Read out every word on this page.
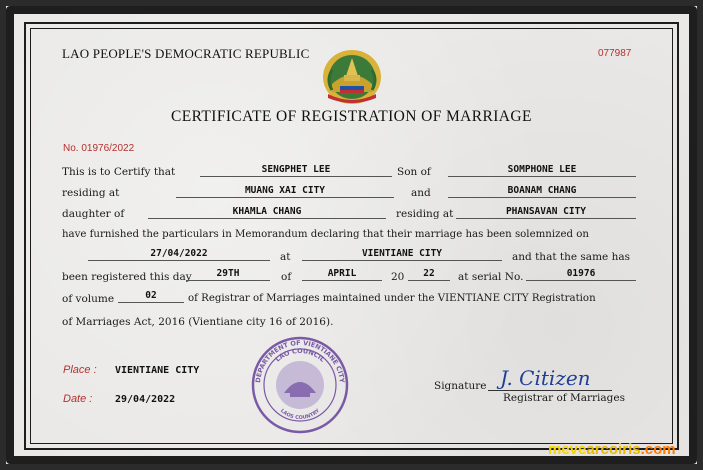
LAO PEOPLE'S DEMOCRATIC REPUBLIC	077987
CERTIFICATE OF REGISTRATION OF MARRIAGE
No. 01976/2022
This is to Certify that	SENGPHET LEE	Son of	SOMPHONE LEE
residing at	MUANG XAI CITY	and	BOANAM CHANG
daughter of	KHAMLA CHANG	residing at	PHANSAVAN CITY
have furnished the particulars in Memorandum declaring that their marriage has been solemnized on
27/04/2022	at	VIENTIANE CITY	and that the same has
been registered this day	29TH	of	APRIL	20	22	at serial No.	01976
of volume	02	of Registrar of Marriages maintained under the VIENTIANE CITY Registration
of Marriages Act, 2016 (Vientiane city 16 of 2016).
Place : VIENTIANE CITY
Date : 29/04/2022
DEPARTMENT OF VIENTIANE CITY
LAO COUNCIL
LAOS COUNTRY
Signature J. Citizen
Registrar of Marriages
mevearcoiris.com
